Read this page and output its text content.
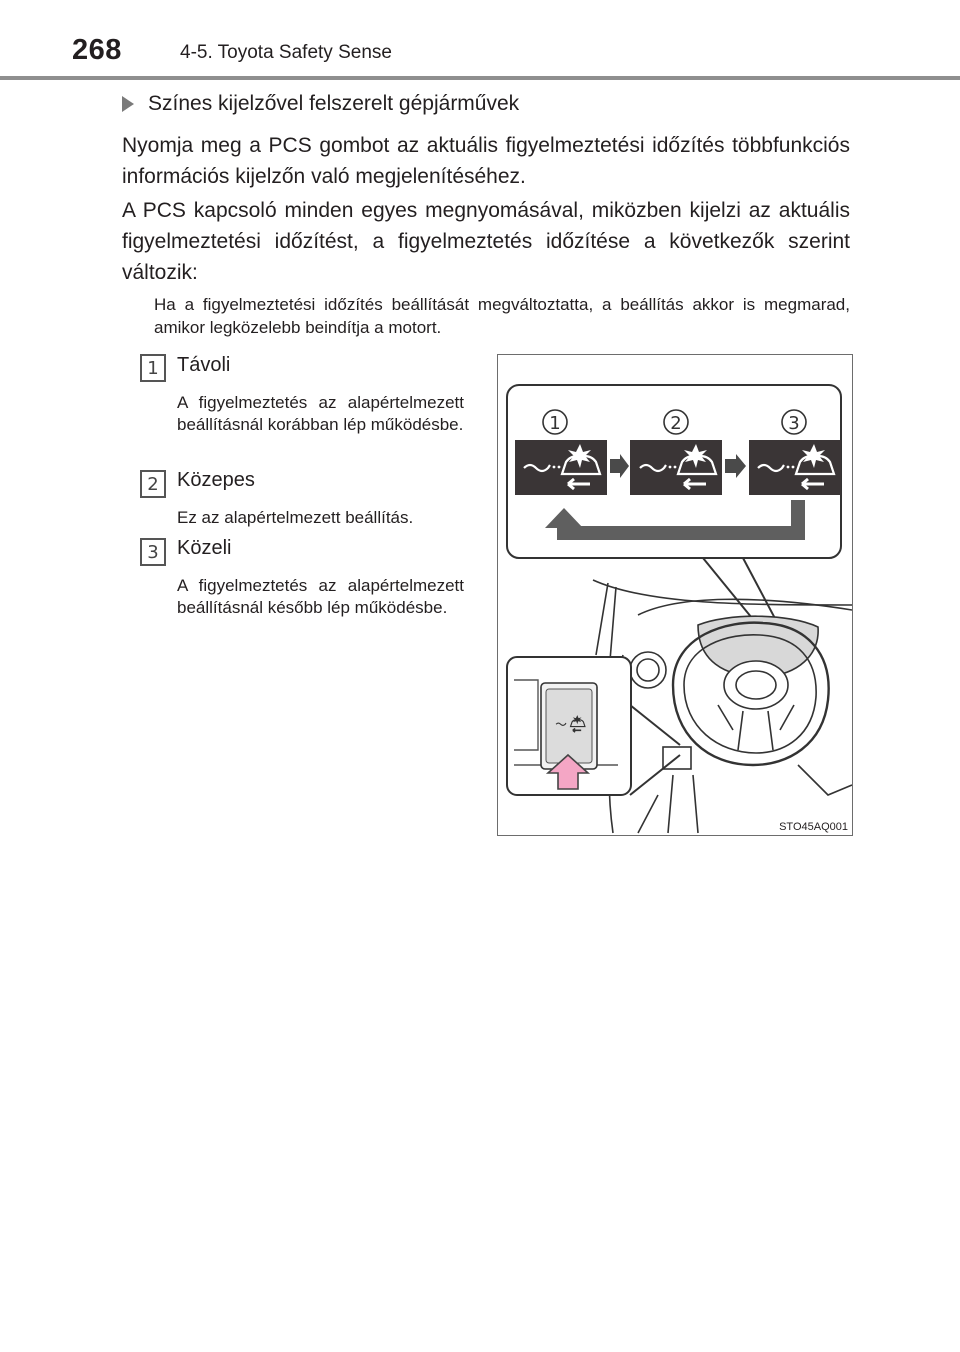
268	4-5. Toyota Safety Sense
Színes kijelzővel felszerelt gépjárművek
Nyomja meg a PCS gombot az aktuális figyelmeztetési időzítés többfunkciós információs kijelzőn való megjelenítéséhez.
A PCS kapcsoló minden egyes megnyomásával, miközben kijelzi az aktuális figyelmeztetési időzítést, a figyelmeztetés időzítése a következők szerint változik:
Ha a figyelmeztetési időzítés beállítását megváltoztatta, a beállítás akkor is megmarad, amikor legközelebb beindítja a motort.
1 Távoli
A figyelmeztetés az alapértelmezett beállításnál korábban lép működésbe.
2 Közepes
Ez az alapértelmezett beállítás.
3 Közeli
A figyelmeztetés az alapértelmezett beállításnál később lép működésbe.
1	2	3
STO45AQ001
